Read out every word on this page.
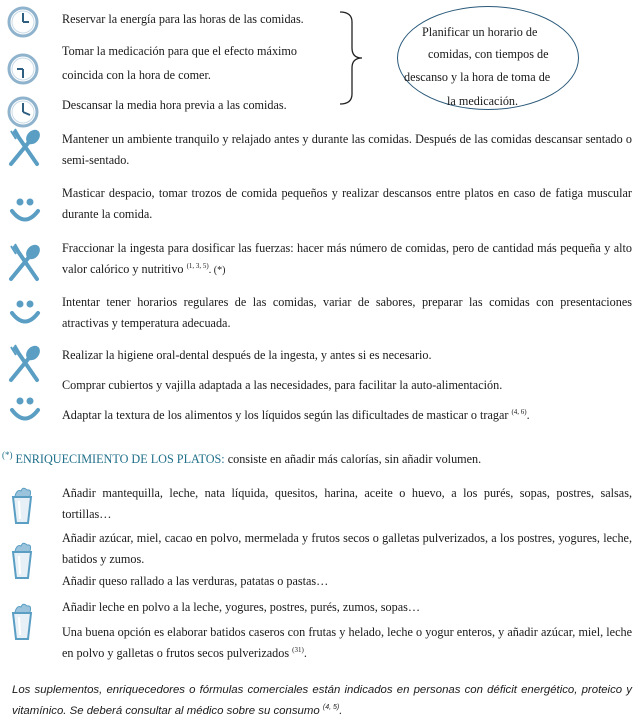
Reservar la energía para las horas de las comidas.
Tomar la medicación para que el efecto máximo
coincida con la hora de comer.
Descansar la media hora previa a las comidas.
Planificar un horario de
comidas, con tiempos de
descanso y la hora de toma de
la medicación.
Mantener un ambiente tranquilo y relajado antes y durante las comidas. Después de las comidas descansar sentado o semi-sentado.
Masticar despacio, tomar trozos de comida pequeños y realizar descansos entre platos en caso de fatiga muscular durante la comida.
Fraccionar la ingesta para dosificar las fuerzas: hacer más número de comidas, pero de cantidad más pequeña y alto valor calórico y nutritivo $^{(1, 3, 5)}$. (*)
Intentar tener horarios regulares de las comidas, variar de sabores, preparar las comidas con presentaciones atractivas y temperatura adecuada.
Realizar la higiene oral-dental después de la ingesta, y antes si es necesario.
Comprar cubiertos y vajilla adaptada a las necesidades, para facilitar la auto-alimentación.
Adaptar la textura de los alimentos y los líquidos según las dificultades de masticar o tragar $^{(4, 6)}$.
(*) ENRIQUECIMIENTO DE LOS PLATOS: consiste en añadir más calorías, sin añadir volumen.
Añadir mantequilla, leche, nata líquida, quesitos, harina, aceite o huevo, a los purés, sopas, postres, salsas, tortillas…
Añadir azúcar, miel, cacao en polvo, mermelada y frutos secos o galletas pulverizados, a los postres, yogures, leche, batidos y zumos.
Añadir queso rallado a las verduras, patatas o pastas…
Añadir leche en polvo a la leche, yogures, postres, purés, zumos, sopas…
Una buena opción es elaborar batidos caseros con frutas y helado, leche o yogur enteros, y añadir azúcar, miel, leche en polvo y galletas o frutos secos pulverizados $^{(31)}$.
Los suplementos, enriquecedores o fórmulas comerciales están indicados en personas con déficit energético, proteico y vitamínico. Se deberá consultar al médico sobre su consumo $^{(4, 5)}$.
